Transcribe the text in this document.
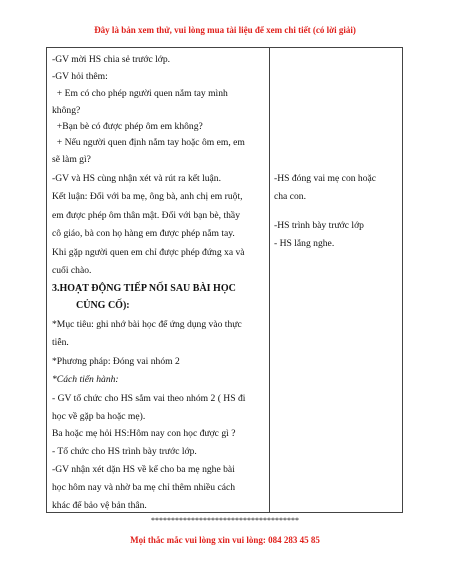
Đây là bản xem thử, vui lòng mua tài liệu để xem chi tiết (có lời giải)
-GV mời HS chia sẻ trước lớp.
-GV hỏi thêm:
+ Em có cho phép người quen nắm tay mình
không?
+Bạn bè có được phép ôm em không?
+ Nếu người quen định nắm tay hoặc ôm em, em
sẽ làm gì?
-GV và HS cùng nhận xét và rút ra kết luận.
Kết luận: Đối với ba mẹ, ông bà, anh chị em ruột,
em được phép ôm thân mật. Đối với bạn bè, thầy
cô giáo, bà con họ hàng em được phép nắm tay.
Khi gặp người quen em chỉ được phép đứng xa và
cuối chào.
3.HOẠT ĐỘNG TIẾP NỐI SAU BÀI HỌC
CỦNG CỐ):
*Mục tiêu: ghi nhớ bài học để ứng dụng vào thực
tiễn.
*Phương pháp: Đóng vai nhóm 2
*Cách tiến hành:
- GV tổ chức cho HS sắm vai theo nhóm 2 ( HS đi
học về gặp ba hoặc mẹ).
Ba hoặc mẹ hỏi HS:Hôm nay con học được gì ?
- Tổ chức cho HS trình bày trước lớp.
-GV nhận xét dặn HS về kể cho ba mẹ nghe bài
học hôm nay và nhờ ba mẹ chỉ thêm nhiều cách
khác để bảo vệ bản thân.
-HS đóng vai mẹ con hoặc
cha con.
-HS trình bày trước lớp
- HS lắng nghe.
*************************************
Mọi thắc mắc vui lòng xin vui lòng: 084 283 45 85
